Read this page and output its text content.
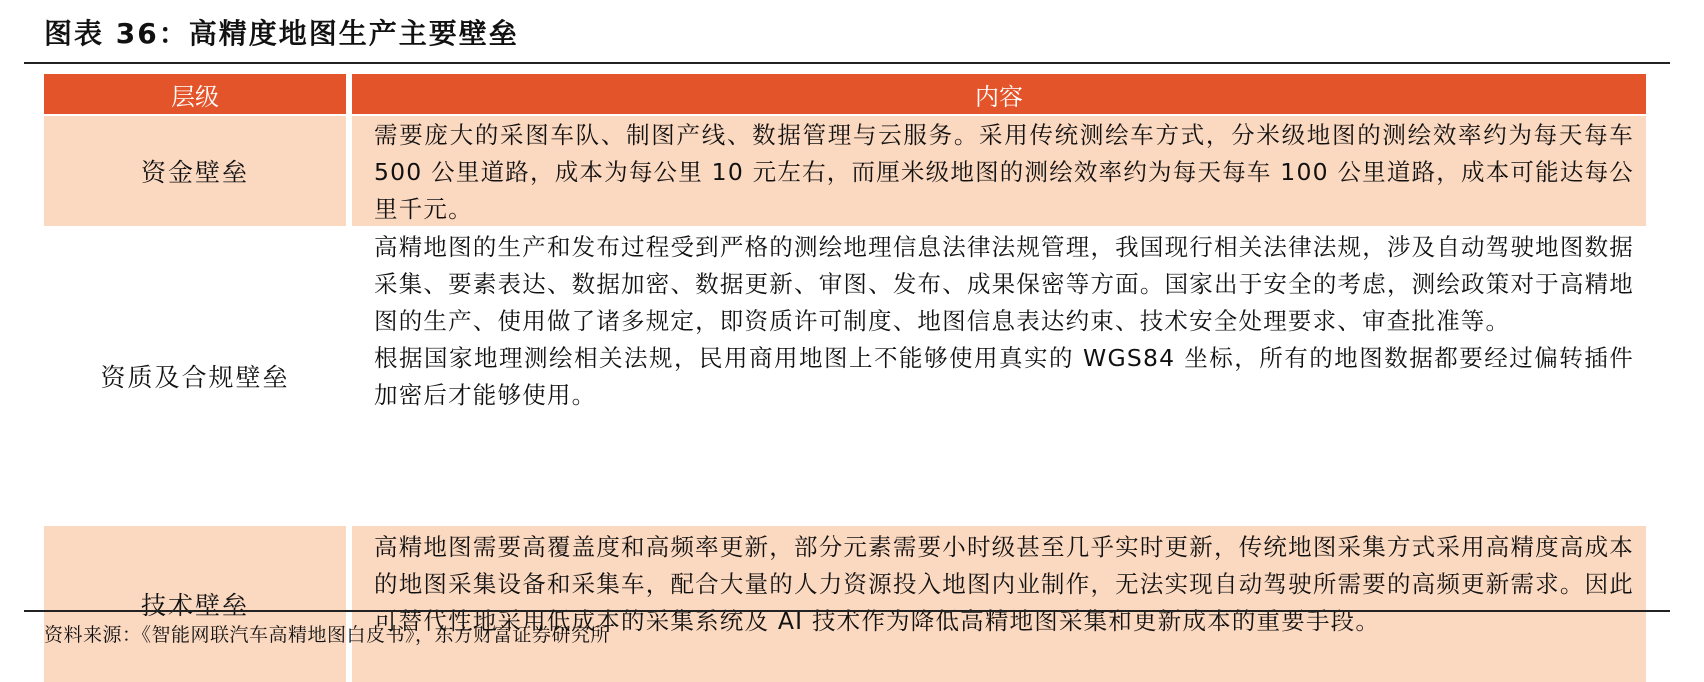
图表 36：高精度地图生产主要壁垒
层级	内容
资金壁垒

需要庞大的采图车队、制图产线、数据管理与云服务。采用传统测绘车方式，分米级地图的测绘效率约为每天每车 500 公里道路，成本为每公里 10 元左右，而厘米级地图的测绘效率约为每天每车 100 公里道路，成本可能达每公里千元。

资质及合规壁垒

高精地图的生产和发布过程受到严格的测绘地理信息法律法规管理，我国现行相关法律法规，涉及自动驾驶地图数据采集、要素表达、数据加密、数据更新、审图、发布、成果保密等方面。国家出于安全的考虑，测绘政策对于高精地图的生产、使用做了诸多规定，即资质许可制度、地图信息表达约束、技术安全处理要求、审查批准等。

根据国家地理测绘相关法规，民用商用地图上不能够使用真实的 WGS84 坐标，所有的地图数据都要经过偏转插件加密后才能够使用。

技术壁垒

高精地图需要高覆盖度和高频率更新，部分元素需要小时级甚至几乎实时更新，传统地图采集方式采用高精度高成本的地图采集设备和采集车，配合大量的人力资源投入地图内业制作，无法实现自动驾驶所需要的高频更新需求。因此可替代性地采用低成本的采集系统及 AI 技术作为降低高精地图采集和更新成本的重要手段。

资料来源：《智能网联汽车高精地图白皮书》，东方财富证券研究所
